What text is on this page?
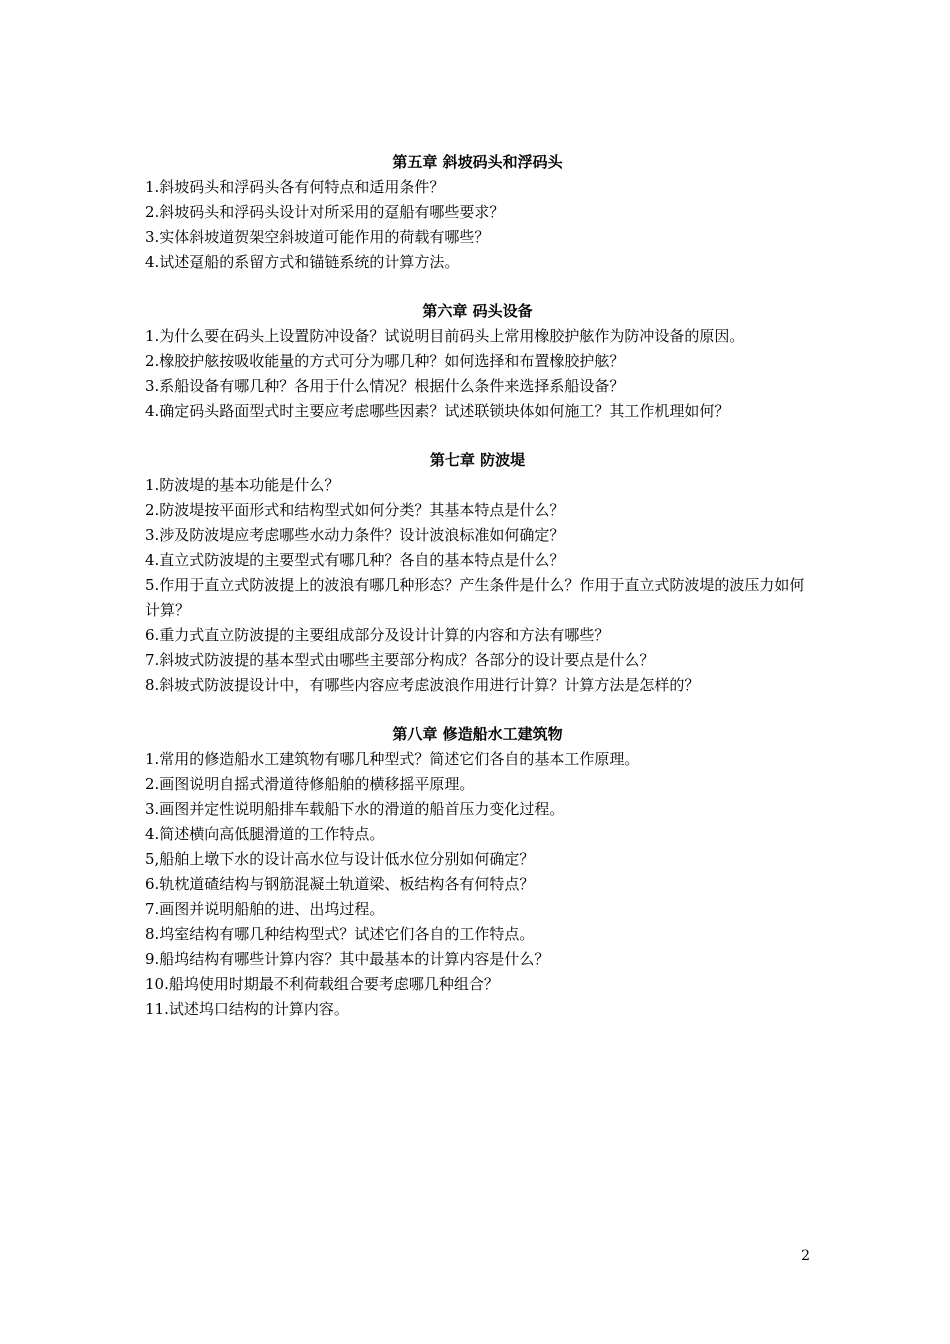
第五章 斜坡码头和浮码头

1.斜坡码头和浮码头各有何特点和适用条件？

2.斜坡码头和浮码头设计对所采用的趸船有哪些要求？

3.实体斜坡道贺架空斜坡道可能作用的荷载有哪些？

4.试述趸船的系留方式和锚链系统的计算方法。

第六章 码头设备

1.为什么要在码头上设置防冲设备？试说明目前码头上常用橡胶护舷作为防冲设备的原因。

2.橡胶护舷按吸收能量的方式可分为哪几种？如何选择和布置橡胶护舷？

3.系船设备有哪几种？各用于什么情况？根据什么条件来选择系船设备？

4.确定码头路面型式时主要应考虑哪些因素？试述联锁块体如何施工？其工作机理如何？

第七章 防波堤

1.防波堤的基本功能是什么？

2.防波堤按平面形式和结构型式如何分类？其基本特点是什么？

3.涉及防波堤应考虑哪些水动力条件？设计波浪标准如何确定？

4.直立式防波堤的主要型式有哪几种？各自的基本特点是什么？

5.作用于直立式防波提上的波浪有哪几种形态？产生条件是什么？作用于直立式防波堤的波压力如何计算？

6.重力式直立防波提的主要组成部分及设计计算的内容和方法有哪些？

7.斜坡式防波提的基本型式由哪些主要部分构成？各部分的设计要点是什么？

8.斜坡式防波提设计中，有哪些内容应考虑波浪作用进行计算？计算方法是怎样的？

第八章 修造船水工建筑物

1.常用的修造船水工建筑物有哪几种型式？简述它们各自的基本工作原理。

2.画图说明自摇式滑道待修船舶的横移摇平原理。

3.画图并定性说明船排车载船下水的滑道的船首压力变化过程。

4.简述横向高低腿滑道的工作特点。

5,船舶上墩下水的设计高水位与设计低水位分别如何确定？

6.轨枕道碴结构与钢筋混凝土轨道梁、板结构各有何特点？

7.画图并说明船舶的进、出坞过程。

8.坞室结构有哪几种结构型式？试述它们各自的工作特点。

9.船坞结构有哪些计算内容？其中最基本的计算内容是什么？

10.船坞使用时期最不利荷载组合要考虑哪几种组合？

11.试述坞口结构的计算内容。

2
